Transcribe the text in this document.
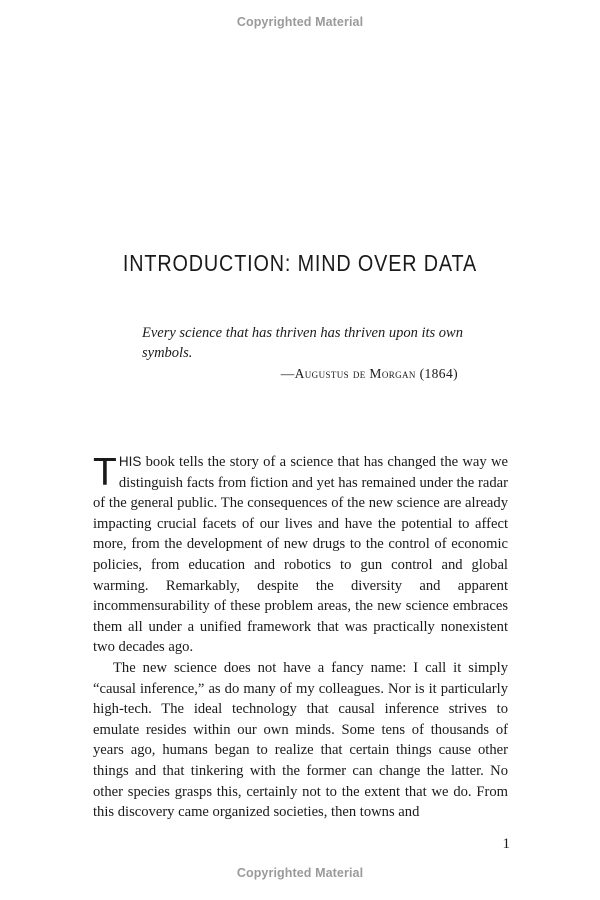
Copyrighted Material
INTRODUCTION: MIND OVER DATA
Every science that has thriven has thriven upon its own symbols.
—Augustus de Morgan (1864)

THIS book tells the story of a science that has changed the way we distinguish facts from fiction and yet has remained under the radar of the general public. The consequences of the new science are already impacting crucial facets of our lives and have the potential to affect more, from the development of new drugs to the control of economic policies, from education and robotics to gun control and global warming. Remarkably, despite the diversity and apparent incommensurability of these problem areas, the new science embraces them all under a unified framework that was practically nonexistent two decades ago.

The new science does not have a fancy name: I call it simply “causal inference,” as do many of my colleagues. Nor is it particularly high-tech. The ideal technology that causal inference strives to emulate resides within our own minds. Some tens of thousands of years ago, humans began to realize that certain things cause other things and that tinkering with the former can change the latter. No other species grasps this, certainly not to the extent that we do. From this discovery came organized societies, then towns and

1
Copyrighted Material
